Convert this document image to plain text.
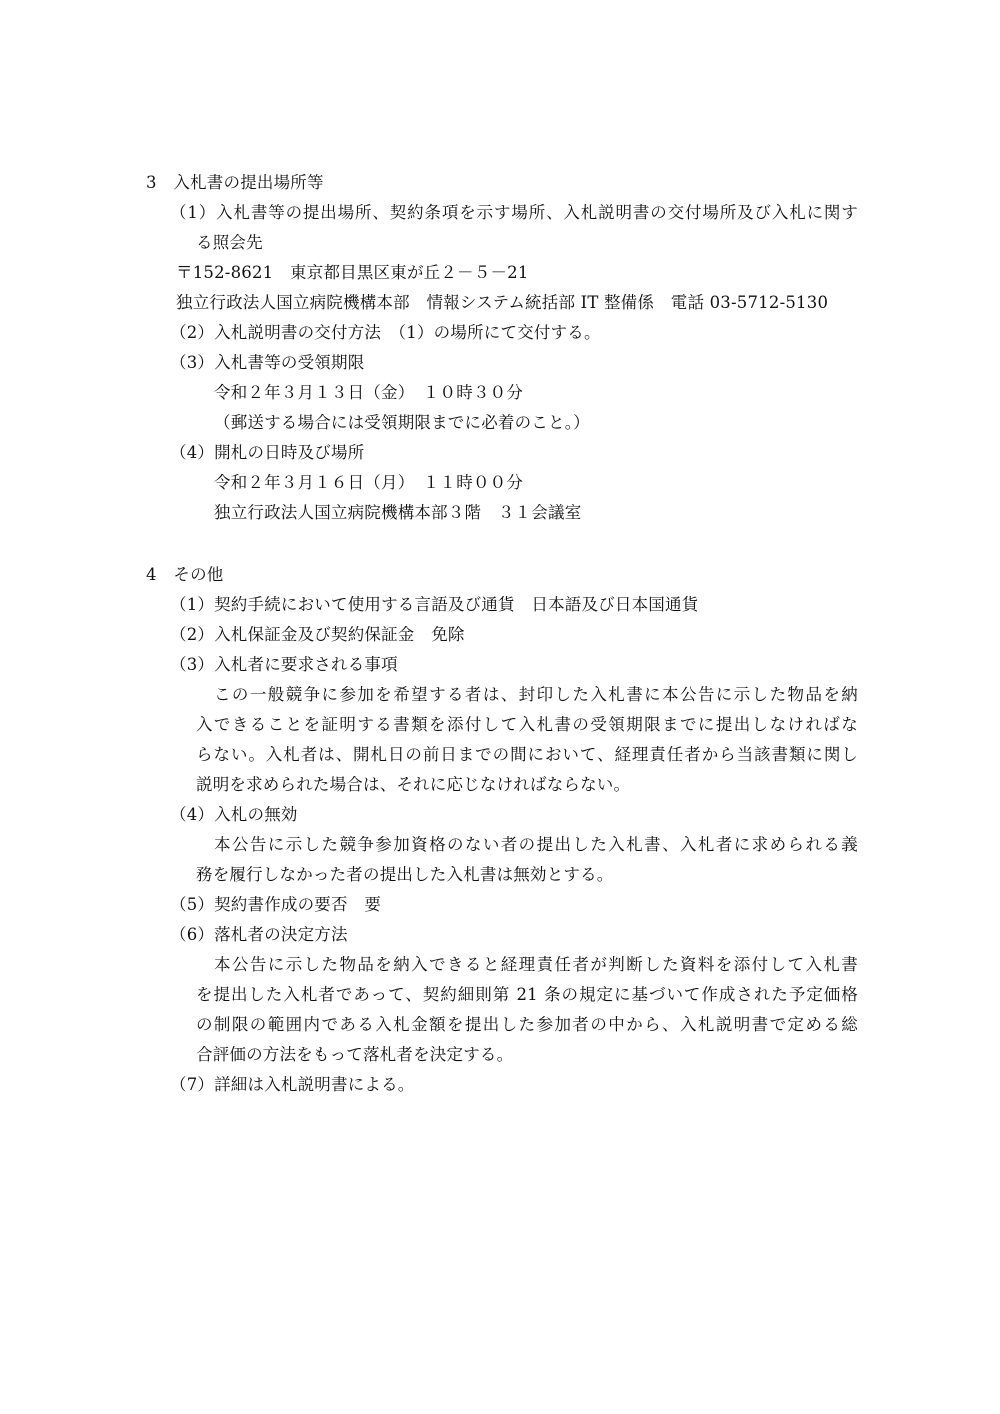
3　入札書の提出場所等
（1）入札書等の提出場所、契約条項を示す場所、入札説明書の交付場所及び入札に関す
る照会先
〒152-8621　東京都目黒区東が丘２－５－21
独立行政法人国立病院機構本部　情報システム統括部 IT 整備係　電話 03-5712-5130
（2）入札説明書の交付方法　（1）の場所にて交付する。
（3）入札書等の受領期限
令和２年３月１３日（金）　１０時３０分
（郵送する場合には受領期限までに必着のこと。）
（4）開札の日時及び場所
令和２年３月１６日（月）　１１時００分
独立行政法人国立病院機構本部３階　３１会議室
4　その他
（1）契約手続において使用する言語及び通貨　日本語及び日本国通貨
（2）入札保証金及び契約保証金　免除
（3）入札者に要求される事項
この一般競争に参加を希望する者は、封印した入札書に本公告に示した物品を納
入できることを証明する書類を添付して入札書の受領期限までに提出しなければな
らない。入札者は、開札日の前日までの間において、経理責任者から当該書類に関し
説明を求められた場合は、それに応じなければならない。
（4）入札の無効
本公告に示した競争参加資格のない者の提出した入札書、入札者に求められる義
務を履行しなかった者の提出した入札書は無効とする。
（5）契約書作成の要否　要
（6）落札者の決定方法
本公告に示した物品を納入できると経理責任者が判断した資料を添付して入札書
を提出した入札者であって、契約細則第 21 条の規定に基づいて作成された予定価格
の制限の範囲内である入札金額を提出した参加者の中から、入札説明書で定める総
合評価の方法をもって落札者を決定する。
（7）詳細は入札説明書による。
